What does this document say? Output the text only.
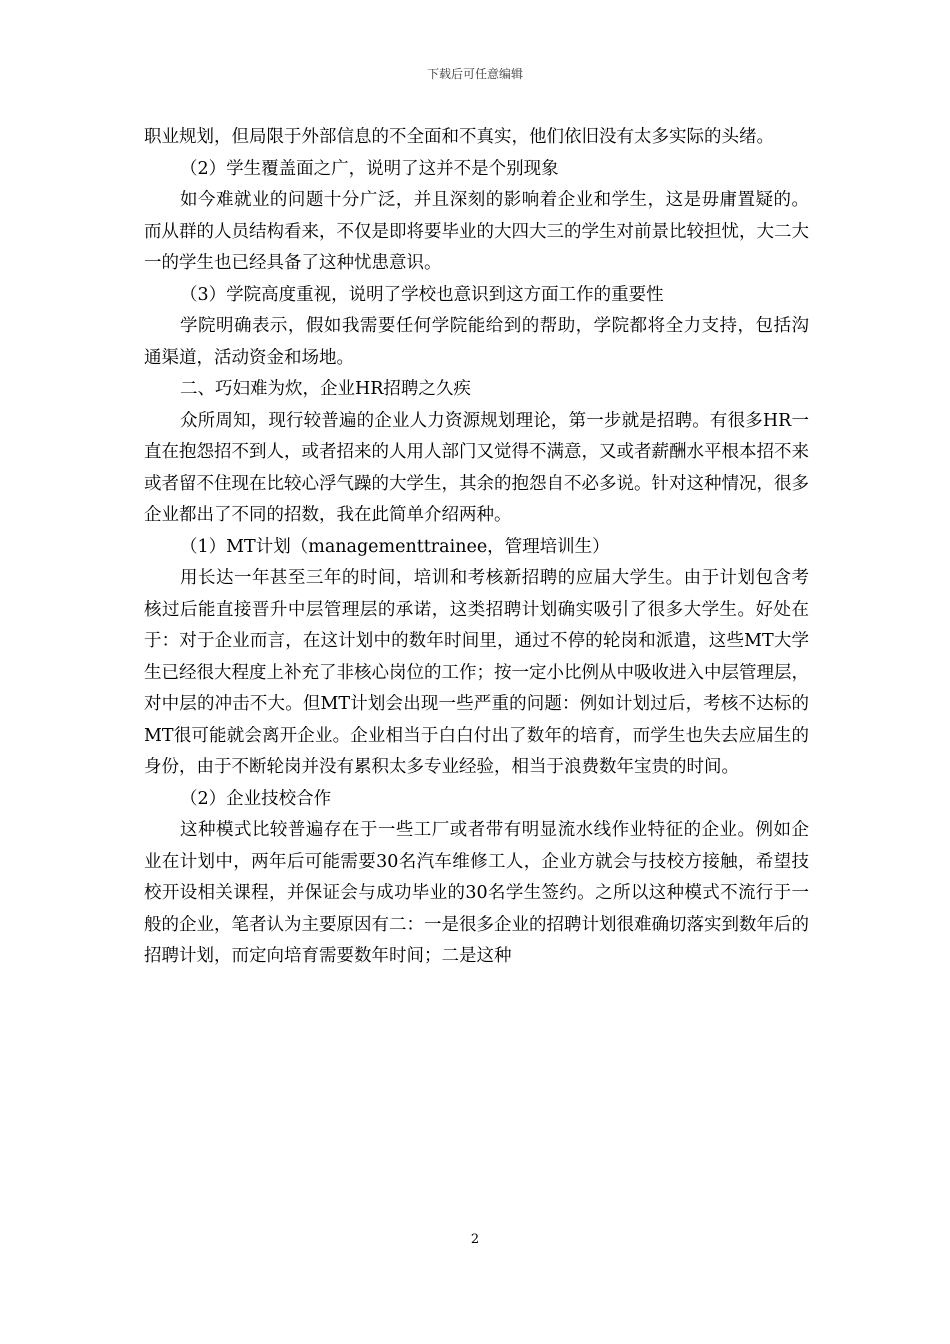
下载后可任意编辑

职业规划，但局限于外部信息的不全面和不真实，他们依旧没有太多实际的头绪。

（2）学生覆盖面之广，说明了这并不是个别现象

如今难就业的问题十分广泛，并且深刻的影响着企业和学生，这是毋庸置疑的。而从群的人员结构看来，不仅是即将要毕业的大四大三的学生对前景比较担忧，大二大一的学生也已经具备了这种忧患意识。

（3）学院高度重视，说明了学校也意识到这方面工作的重要性

学院明确表示，假如我需要任何学院能给到的帮助，学院都将全力支持，包括沟通渠道，活动资金和场地。

二、巧妇难为炊，企业HR招聘之久疾

众所周知，现行较普遍的企业人力资源规划理论，第一步就是招聘。有很多HR一直在抱怨招不到人，或者招来的人用人部门又觉得不满意，又或者薪酬水平根本招不来或者留不住现在比较心浮气躁的大学生，其余的抱怨自不必多说。针对这种情况，很多企业都出了不同的招数，我在此简单介绍两种。

（1）MT计划（managementtrainee，管理培训生）

用长达一年甚至三年的时间，培训和考核新招聘的应届大学生。由于计划包含考核过后能直接晋升中层管理层的承诺，这类招聘计划确实吸引了很多大学生。好处在于：对于企业而言，在这计划中的数年时间里，通过不停的轮岗和派遣，这些MT大学生已经很大程度上补充了非核心岗位的工作；按一定小比例从中吸收进入中层管理层，对中层的冲击不大。但MT计划会出现一些严重的问题：例如计划过后，考核不达标的MT很可能就会离开企业。企业相当于白白付出了数年的培育，而学生也失去应届生的身份，由于不断轮岗并没有累积太多专业经验，相当于浪费数年宝贵的时间。

（2）企业技校合作

这种模式比较普遍存在于一些工厂或者带有明显流水线作业特征的企业。例如企业在计划中，两年后可能需要30名汽车维修工人，企业方就会与技校方接触，希望技校开设相关课程，并保证会与成功毕业的30名学生签约。之所以这种模式不流行于一般的企业，笔者认为主要原因有二：一是很多企业的招聘计划很难确切落实到数年后的招聘计划，而定向培育需要数年时间；二是这种

2
